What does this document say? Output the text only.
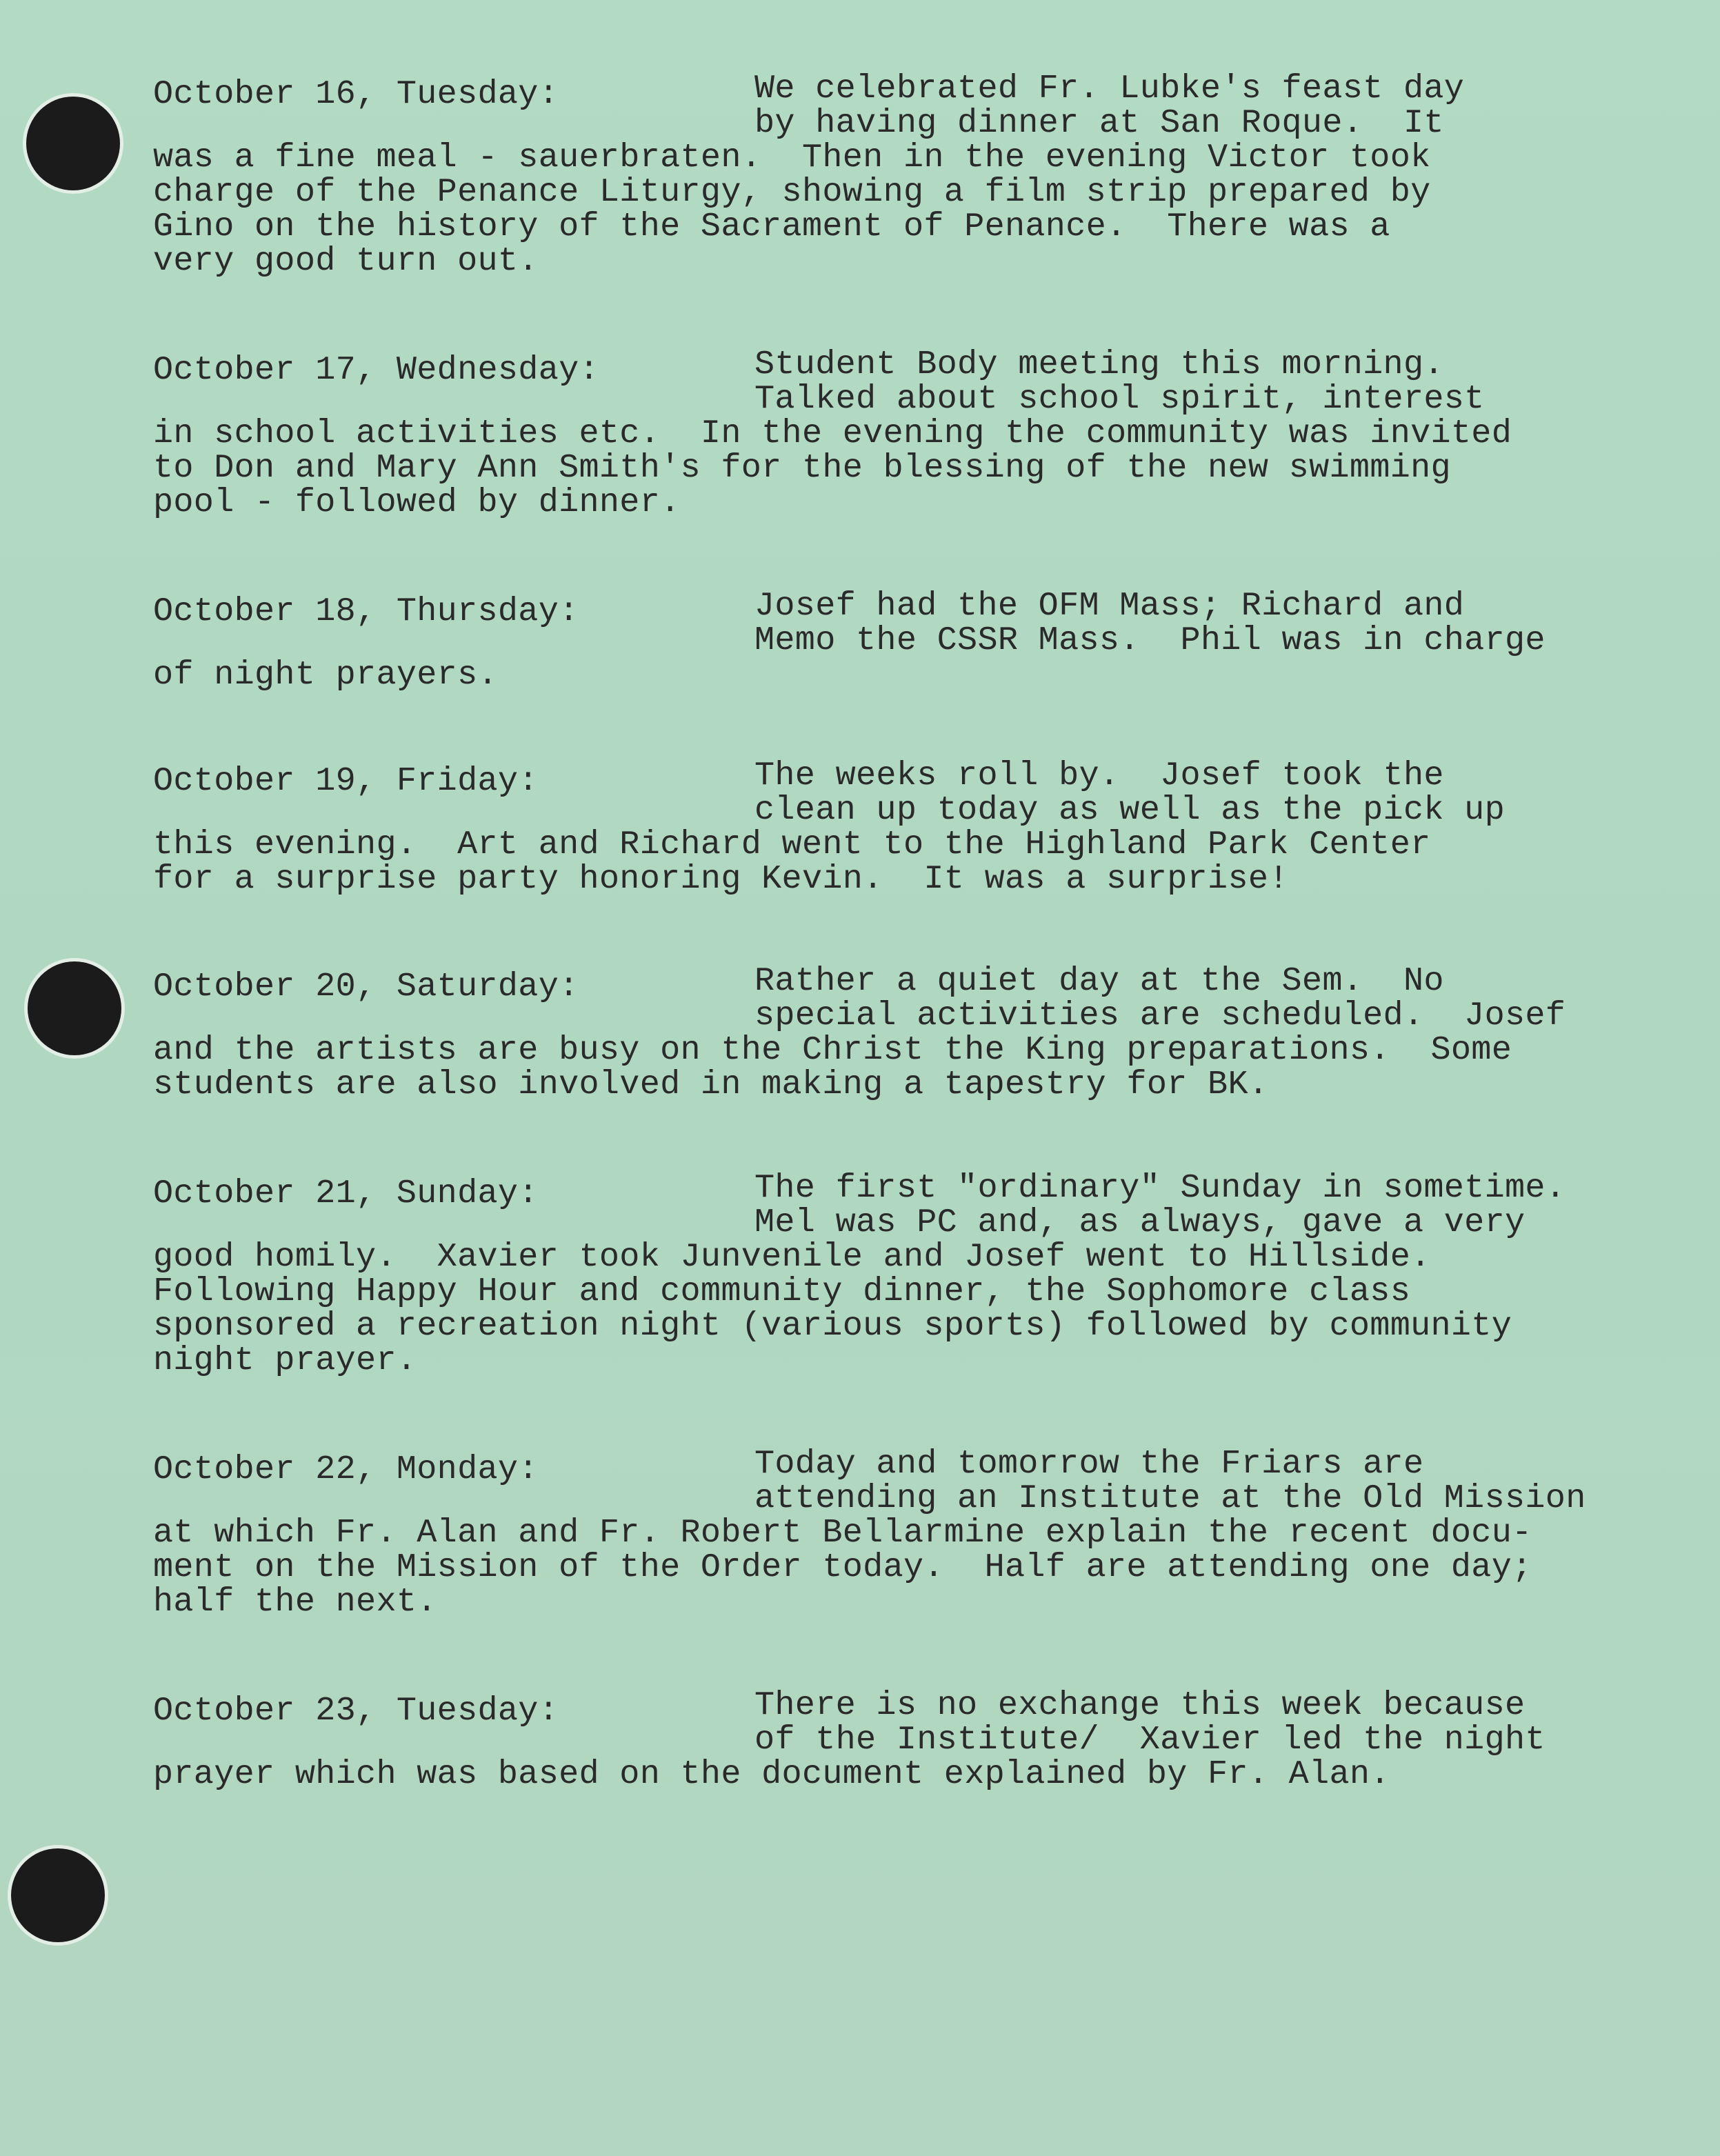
October 16, Tuesday:	We celebrated Fr. Lubke's feast day
by having dinner at San Roque.  It
was a fine meal - sauerbraten.  Then in the evening Victor took
charge of the Penance Liturgy, showing a film strip prepared by
Gino on the history of the Sacrament of Penance.  There was a
very good turn out.
October 17, Wednesday:	Student Body meeting this morning.
Talked about school spirit, interest
in school activities etc.  In the evening the community was invited
to Don and Mary Ann Smith's for the blessing of the new swimming
pool - followed by dinner.
October 18, Thursday:	Josef had the OFM Mass; Richard and
Memo the CSSR Mass.  Phil was in charge
of night prayers.
October 19, Friday:	The weeks roll by.  Josef took the
clean up today as well as the pick up
this evening.  Art and Richard went to the Highland Park Center
for a surprise party honoring Kevin.  It was a surprise!
October 20, Saturday:	Rather a quiet day at the Sem.  No
special activities are scheduled.  Josef
and the artists are busy on the Christ the King preparations.  Some
students are also involved in making a tapestry for BK.
October 21, Sunday:	The first "ordinary" Sunday in sometime.
Mel was PC and, as always, gave a very
good homily.  Xavier took Junvenile and Josef went to Hillside.
Following Happy Hour and community dinner, the Sophomore class
sponsored a recreation night (various sports) followed by community
night prayer.
October 22, Monday:	Today and tomorrow the Friars are
attending an Institute at the Old Mission
at which Fr. Alan and Fr. Robert Bellarmine explain the recent docu-
ment on the Mission of the Order today.  Half are attending one day;
half the next.
October 23, Tuesday:	There is no exchange this week because
of the Institute/  Xavier led the night
prayer which was based on the document explained by Fr. Alan.
